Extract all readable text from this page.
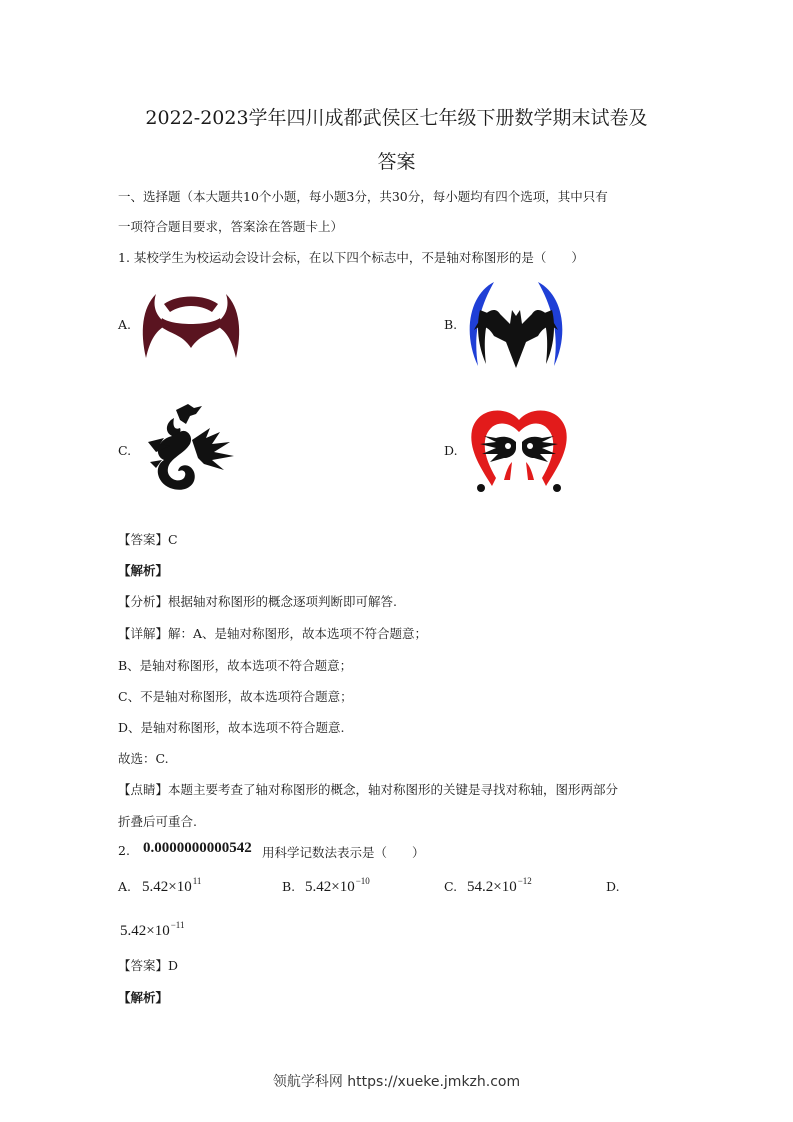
2022-2023学年四川成都武侯区七年级下册数学期末试卷及
答案
一、选择题（本大题共10个小题，每小题3分，共30分，每小题均有四个选项，其中只有
一项符合题目要求，答案涂在答题卡上）
1. 某校学生为校运动会设计会标，在以下四个标志中，不是轴对称图形的是（　　）
A.	B.
C.	D.
【答案】C
【解析】
【分析】根据轴对称图形的概念逐项判断即可解答.
【详解】解：A、是轴对称图形，故本选项不符合题意；
B、是轴对称图形，故本选项不符合题意；
C、不是轴对称图形，故本选项符合题意；
D、是轴对称图形，故本选项不符合题意.
故选：C.
【点睛】本题主要考查了轴对称图形的概念，轴对称图形的关键是寻找对称轴，图形两部分
折叠后可重合.
2. 0.0000000000542 用科学记数法表示是（　　）
A. $5.42\times 10^{11}$	B. $5.42\times 10^{-10}$	C. $54.2\times 10^{-12}$	D.
$5.42\times 10^{-11}$
【答案】D
【解析】
领航学科网 https://xueke.jmkzh.com
